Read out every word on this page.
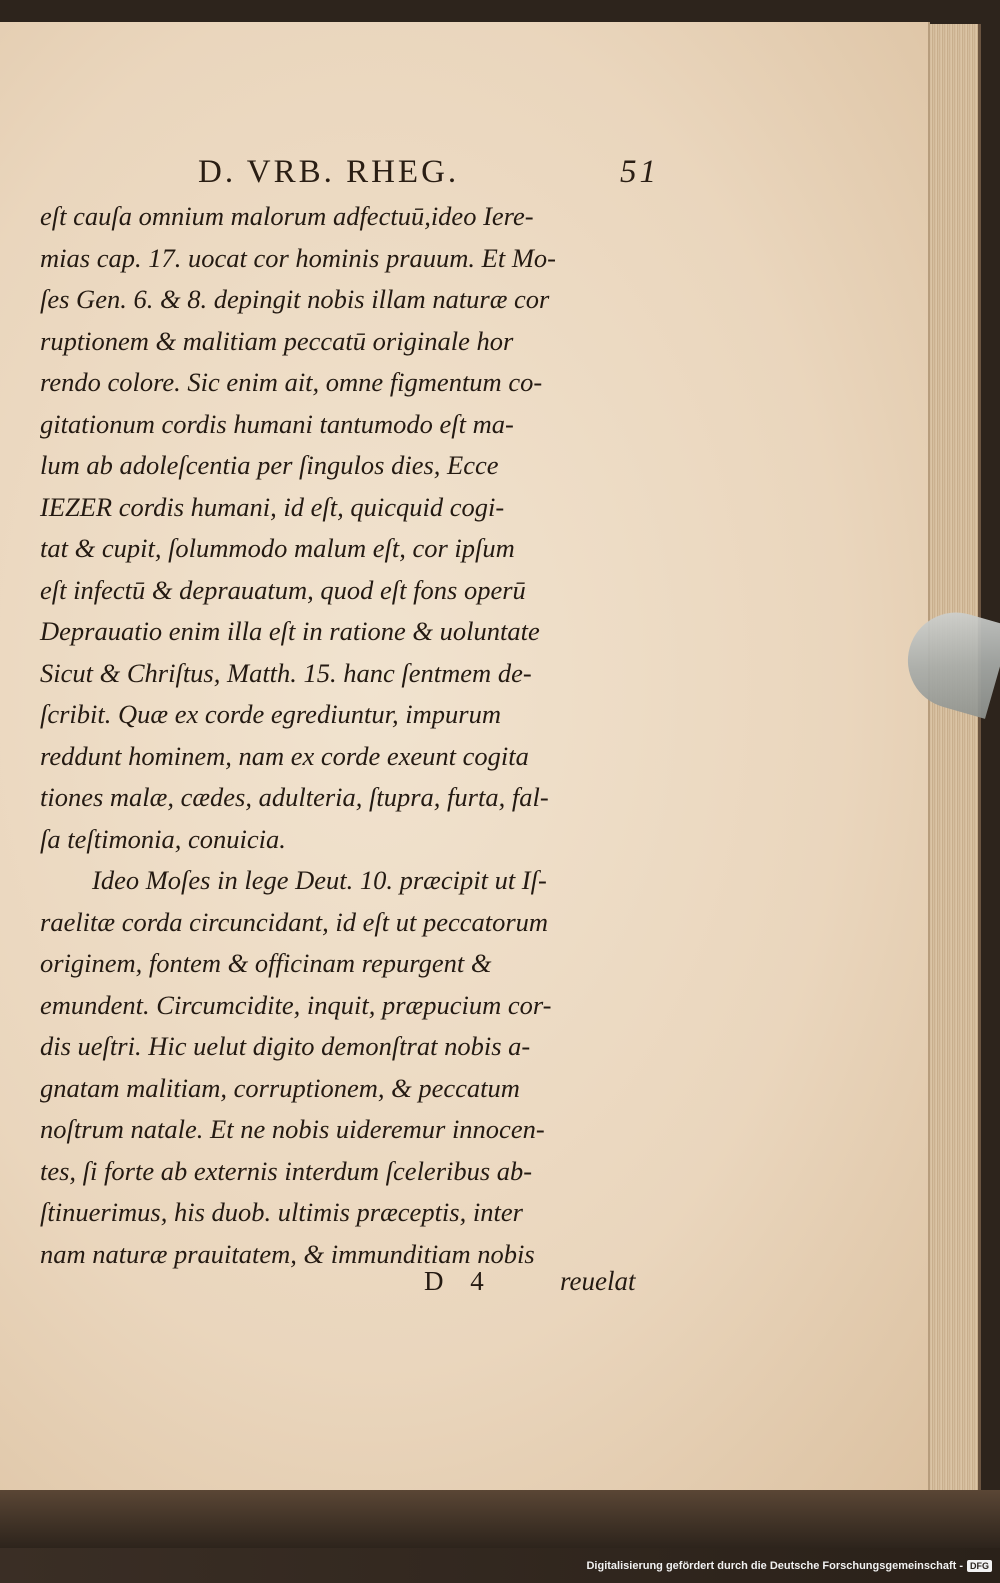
D. VRB. RHEG.	51
eſt cauſa omnium malorum adfectuū,ideo Iere-
mias cap. 17. uocat cor hominis prauum. Et Mo-
ſes Gen. 6. & 8. depingit nobis illam naturæ cor
ruptionem & malitiam peccatū originale hor
rendo colore. Sic enim ait, omne figmentum co-
gitationum cordis humani tantumodo eſt ma-
lum ab adoleſcentia per ſingulos dies, Ecce
IEZER cordis humani, id eſt, quicquid cogi-
tat & cupit, ſolummodo malum eſt, cor ipſum
eſt infectū & deprauatum, quod eſt fons operū
Deprauatio enim illa eſt in ratione & uoluntate
Sicut & Chriſtus, Matth. 15. hanc ſentmem de-
ſcribit. Quæ ex corde egrediuntur, impurum
reddunt hominem, nam ex corde exeunt cogita
tiones malæ, cædes, adulteria, ſtupra, furta, fal-
ſa teſtimonia, conuicia.
Ideo Moſes in lege Deut. 10. præcipit ut Iſ-
raelitæ corda circuncidant, id eſt ut peccatorum
originem, fontem & officinam repurgent &
emundent. Circumcidite, inquit, præpucium cor-
dis ueſtri. Hic uelut digito demonſtrat nobis a-
gnatam malitiam, corruptionem, & peccatum
noſtrum natale. Et ne nobis uideremur innocen-
tes, ſi forte ab externis interdum ſceleribus ab-
ſtinuerimus, his duob. ultimis præceptis, inter
nam naturæ prauitatem, & immunditiam nobis
D 4 reuelat
Digitalisierung gefördert durch die Deutsche Forschungsgemeinschaft - DFG
